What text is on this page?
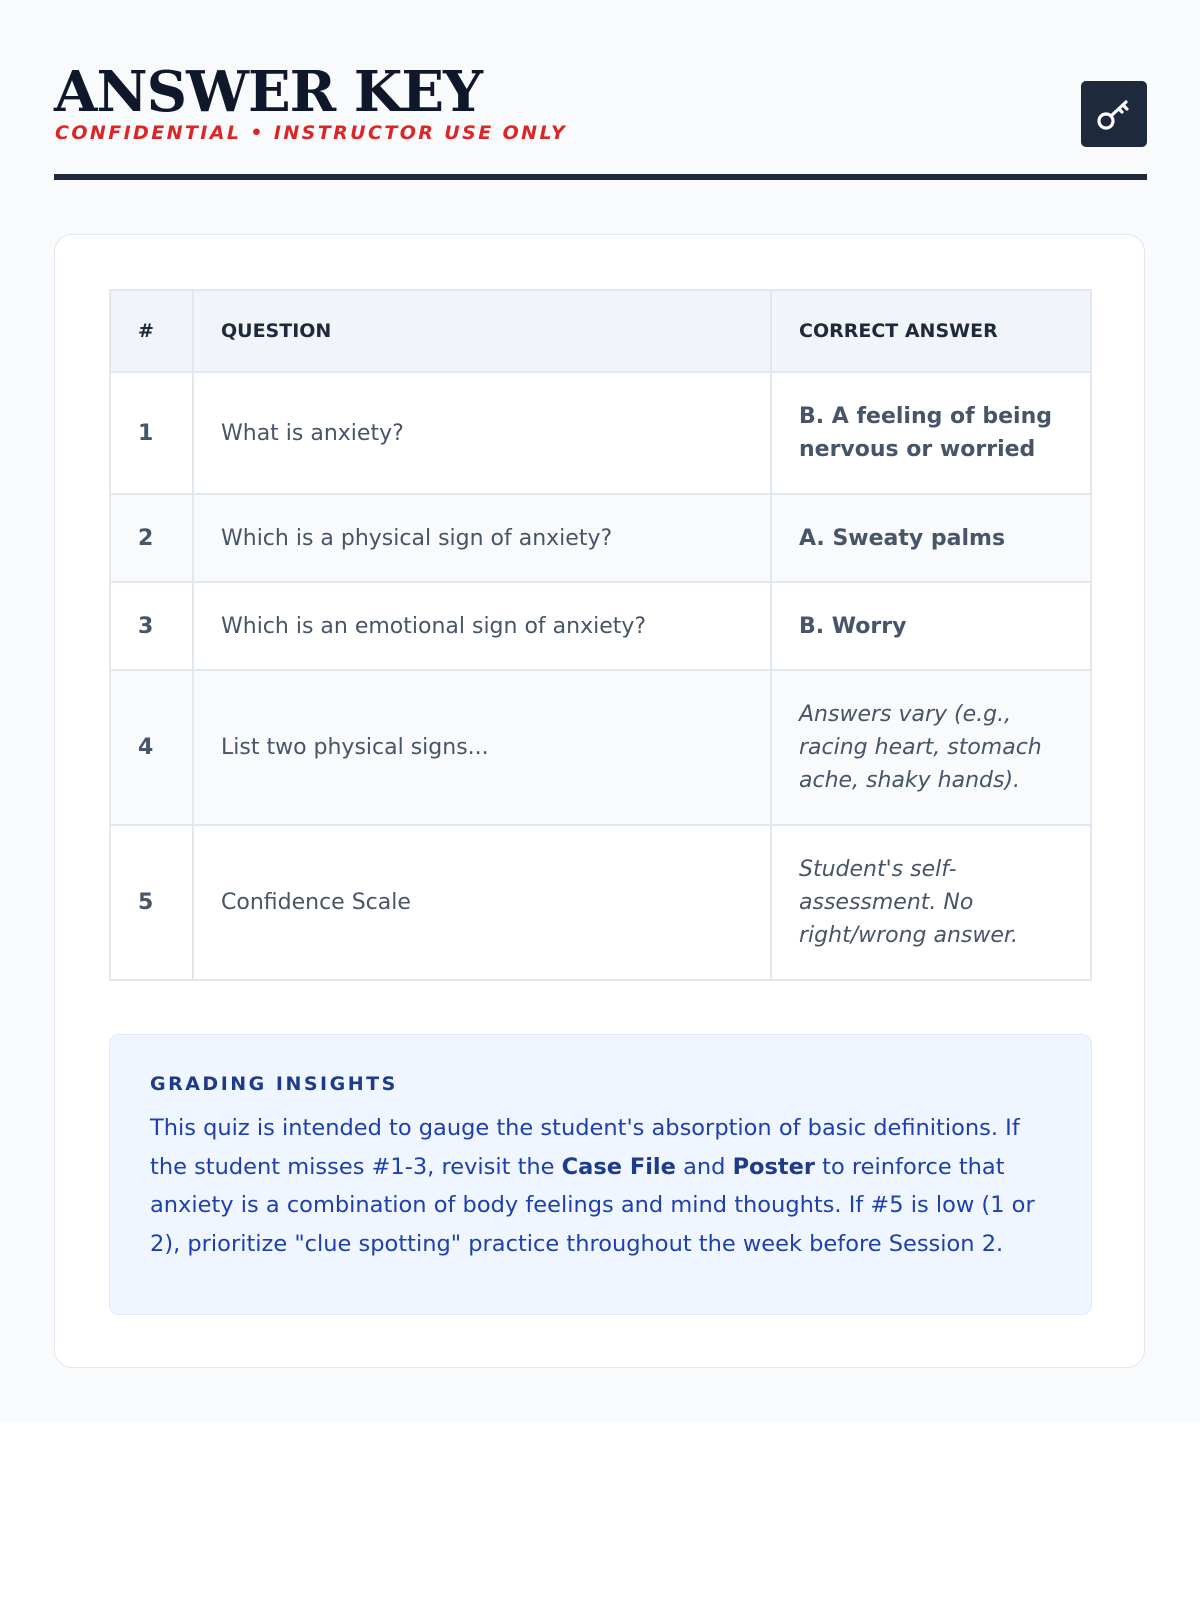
ANSWER KEY
CONFIDENTIAL • INSTRUCTOR USE ONLY
#	QUESTION	CORRECT ANSWER
1	What is anxiety?	B. A feeling of being nervous or worried
2	Which is a physical sign of anxiety?	A. Sweaty palms
3	Which is an emotional sign of anxiety?	B. Worry
4	List two physical signs...	Answers vary (e.g., racing heart, stomach ache, shaky hands).
5	Confidence Scale	Student's self-assessment. No right/wrong answer.
GRADING INSIGHTS

This quiz is intended to gauge the student's absorption of basic definitions. If the student misses #1-3, revisit the Case File and Poster to reinforce that anxiety is a combination of body feelings and mind thoughts. If #5 is low (1 or 2), prioritize "clue spotting" practice throughout the week before Session 2.
